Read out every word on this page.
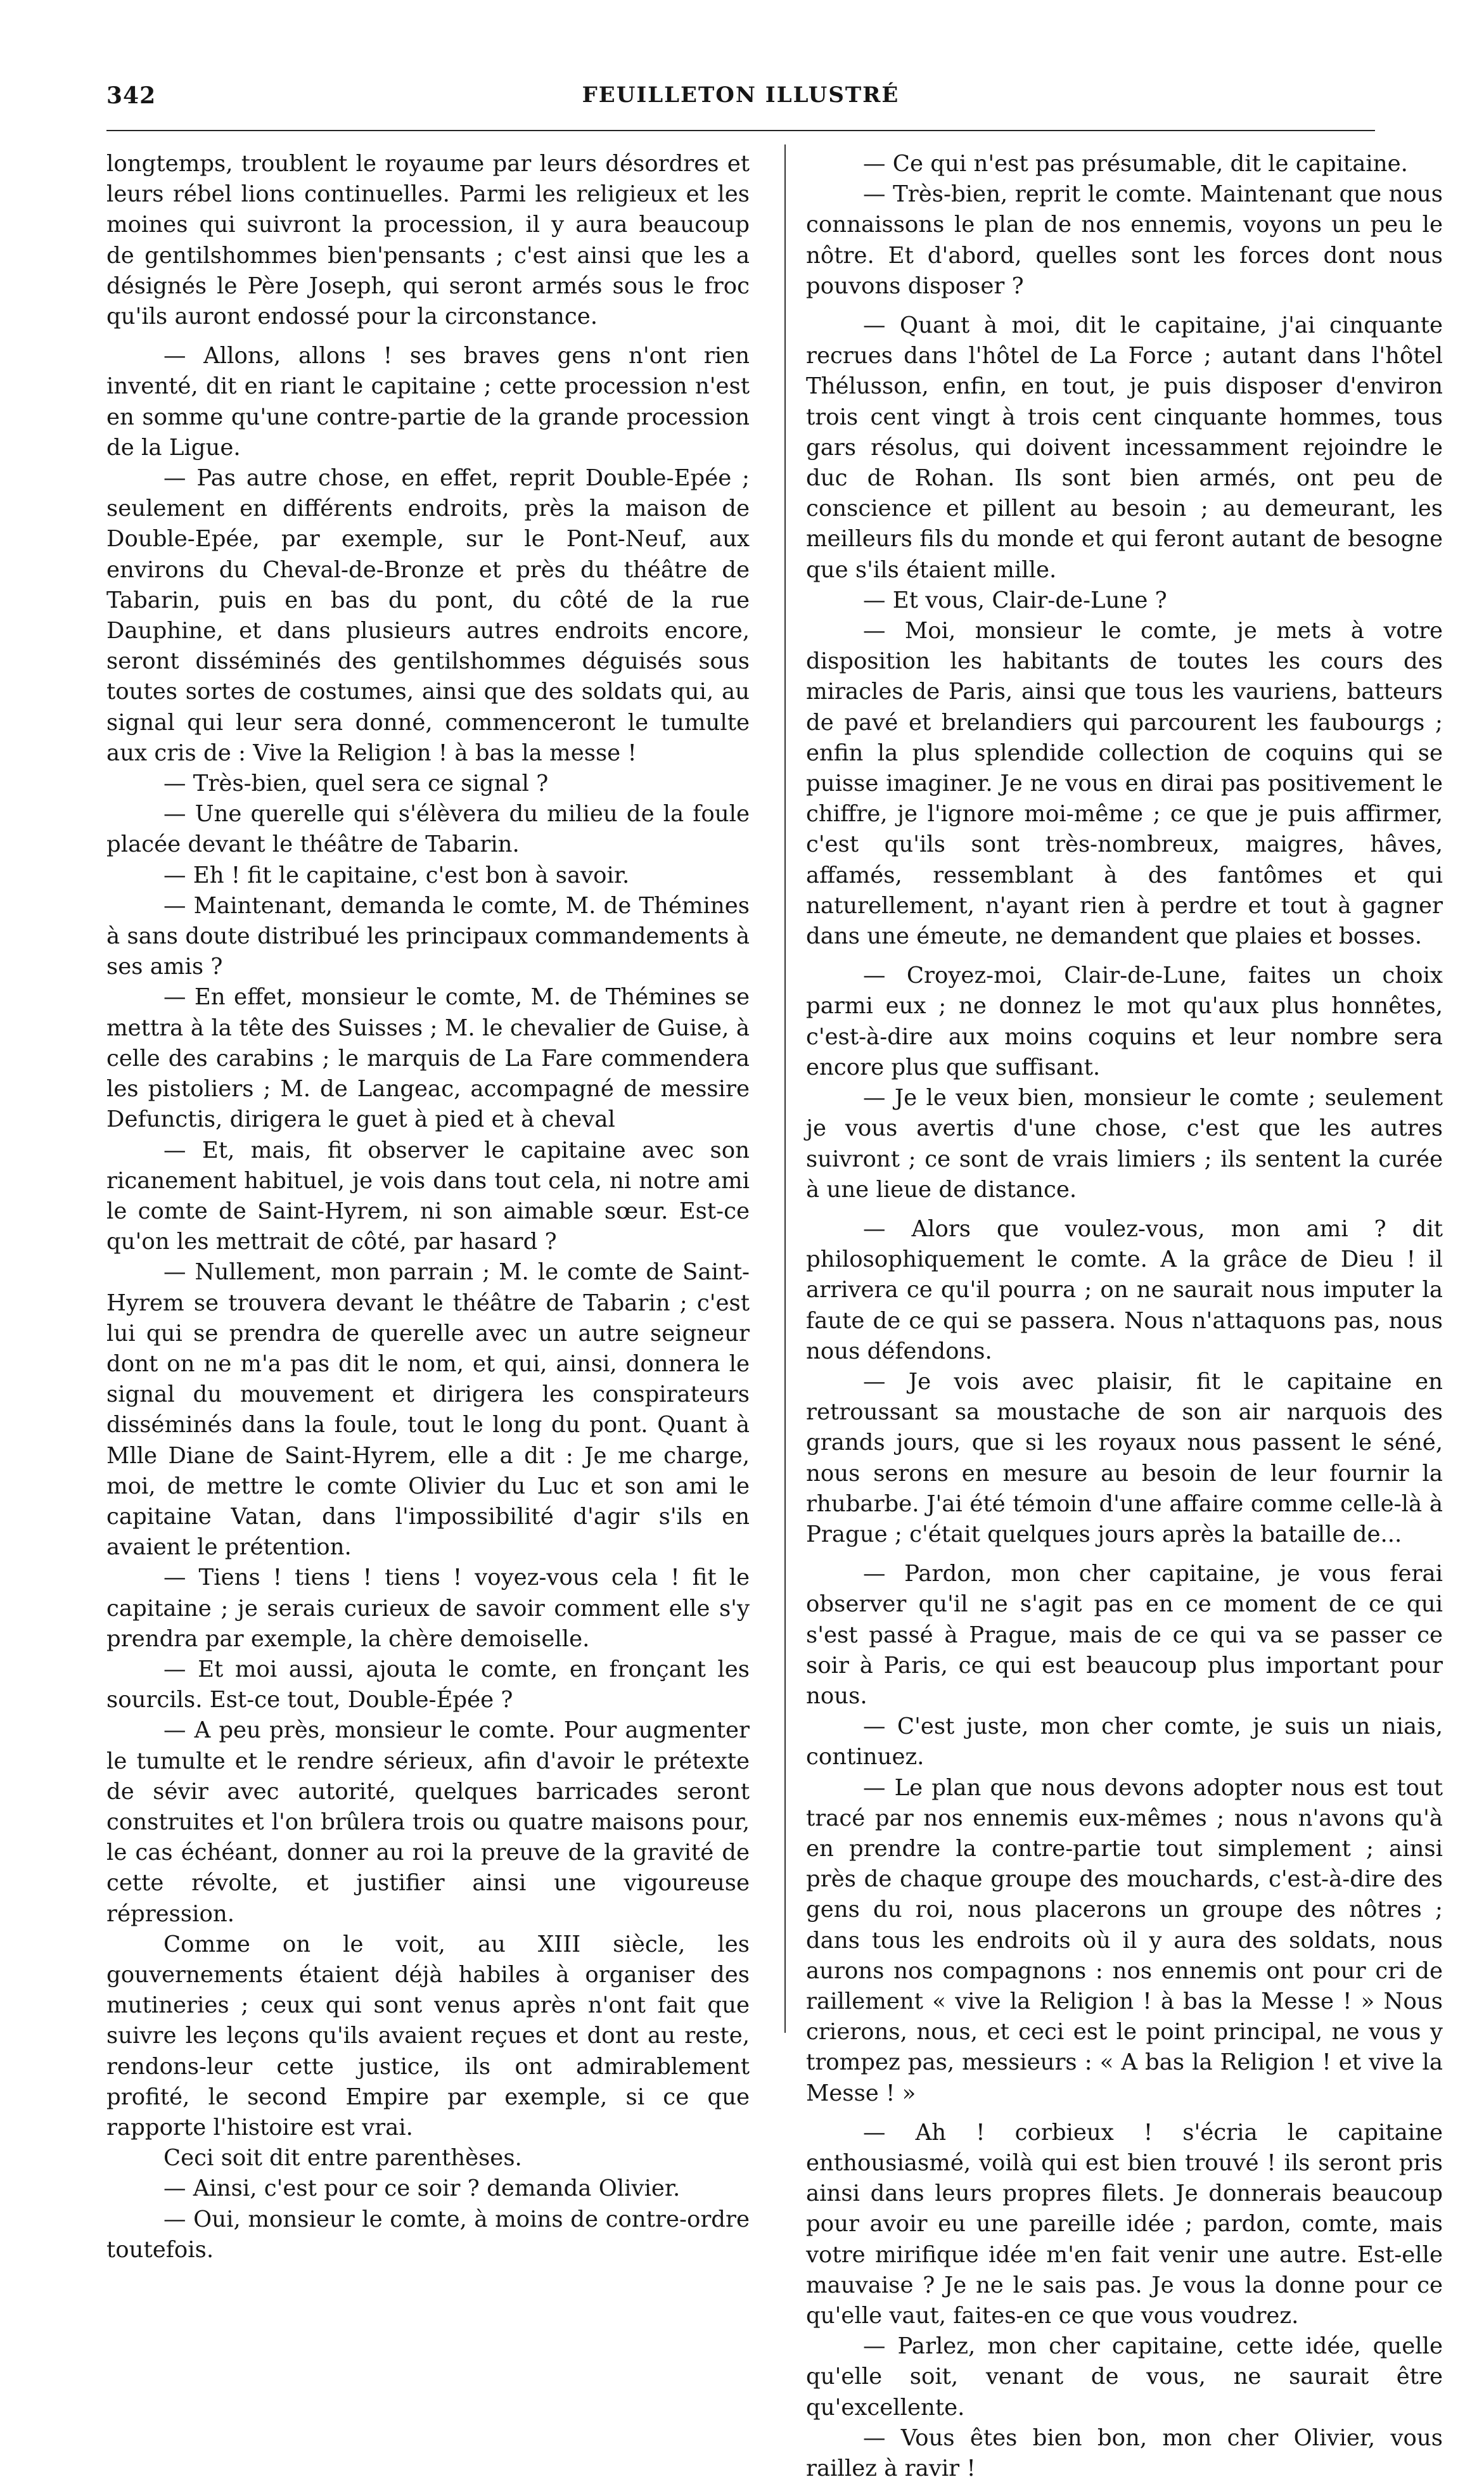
342	FEUILLETON ILLUSTRÉ

longtemps, troublent le royaume par leurs désordres et leurs rébel lions continuelles. Parmi les religieux et les moines qui suivront la procession, il y aura beaucoup de gentilshommes bien'pensants ; c'est ainsi que les a désignés le Père Joseph, qui seront armés sous le froc qu'ils auront endossé pour la circonstance.

— Allons, allons ! ses braves gens n'ont rien inventé, dit en riant le capitaine ; cette procession n'est en somme qu'une contre-partie de la grande procession de la Ligue.

— Pas autre chose, en effet, reprit Double-Epée ; seulement en différents endroits, près la maison de Double-Epée, par exemple, sur le Pont-Neuf, aux environs du Cheval-de-Bronze et près du théâtre de Tabarin, puis en bas du pont, du côté de la rue Dauphine, et dans plusieurs autres endroits encore, seront disséminés des gentilshommes déguisés sous toutes sortes de costumes, ainsi que des soldats qui, au signal qui leur sera donné, commenceront le tumulte aux cris de : Vive la Religion ! à bas la messe !

— Très-bien, quel sera ce signal ?

— Une querelle qui s'élèvera du milieu de la foule placée devant le théâtre de Tabarin.

— Eh ! fit le capitaine, c'est bon à savoir.

— Maintenant, demanda le comte, M. de Thémines à sans doute distribué les principaux commandements à ses amis ?

— En effet, monsieur le comte, M. de Thémines se mettra à la tête des Suisses ; M. le chevalier de Guise, à celle des carabins ; le marquis de La Fare commendera les pistoliers ; M. de Langeac, accompagné de messire Defunctis, dirigera le guet à pied et à cheval

— Et, mais, fit observer le capitaine avec son ricanement habituel, je vois dans tout cela, ni notre ami le comte de Saint-Hyrem, ni son aimable sœur. Est-ce qu'on les mettrait de côté, par hasard ?

— Nullement, mon parrain ; M. le comte de Saint-Hyrem se trouvera devant le théâtre de Tabarin ; c'est lui qui se prendra de querelle avec un autre seigneur dont on ne m'a pas dit le nom, et qui, ainsi, donnera le signal du mouvement et dirigera les conspirateurs disséminés dans la foule, tout le long du pont. Quant à Mlle Diane de Saint-Hyrem, elle a dit : Je me charge, moi, de mettre le comte Olivier du Luc et son ami le capitaine Vatan, dans l'impossibilité d'agir s'ils en avaient le prétention.

— Tiens ! tiens ! tiens ! voyez-vous cela ! fit le capitaine ; je serais curieux de savoir comment elle s'y prendra par exemple, la chère demoiselle.

— Et moi aussi, ajouta le comte, en fronçant les sourcils. Est-ce tout, Double-Épée ?

— A peu près, monsieur le comte. Pour augmenter le tumulte et le rendre sérieux, afin d'avoir le prétexte de sévir avec autorité, quelques barricades seront construites et l'on brûlera trois ou quatre maisons pour, le cas échéant, donner au roi la preuve de la gravité de cette révolte, et justifier ainsi une vigoureuse répression.

Comme on le voit, au XIII siècle, les gouvernements étaient déjà habiles à organiser des mutineries ; ceux qui sont venus après n'ont fait que suivre les leçons qu'ils avaient reçues et dont au reste, rendons-leur cette justice, ils ont admirablement profité, le second Empire par exemple, si ce que rapporte l'histoire est vrai.

Ceci soit dit entre parenthèses.

— Ainsi, c'est pour ce soir ? demanda Olivier.

— Oui, monsieur le comte, à moins de contre-ordre toutefois.

— Ce qui n'est pas présumable, dit le capitaine.

— Très-bien, reprit le comte. Maintenant que nous connaissons le plan de nos ennemis, voyons un peu le nôtre. Et d'abord, quelles sont les forces dont nous pouvons disposer ?

— Quant à moi, dit le capitaine, j'ai cinquante recrues dans l'hôtel de La Force ; autant dans l'hôtel Thélusson, enfin, en tout, je puis disposer d'environ trois cent vingt à trois cent cinquante hommes, tous gars résolus, qui doivent incessamment rejoindre le duc de Rohan. Ils sont bien armés, ont peu de conscience et pillent au besoin ; au demeurant, les meilleurs fils du monde et qui feront autant de besogne que s'ils étaient mille.

— Et vous, Clair-de-Lune ?

— Moi, monsieur le comte, je mets à votre disposition les habitants de toutes les cours des miracles de Paris, ainsi que tous les vauriens, batteurs de pavé et brelandiers qui parcourent les faubourgs ; enfin la plus splendide collection de coquins qui se puisse imaginer. Je ne vous en dirai pas positivement le chiffre, je l'ignore moi-même ; ce que je puis affirmer, c'est qu'ils sont très-nombreux, maigres, hâves, affamés, ressemblant à des fantômes et qui naturellement, n'ayant rien à perdre et tout à gagner dans une émeute, ne demandent que plaies et bosses.

— Croyez-moi, Clair-de-Lune, faites un choix parmi eux ; ne donnez le mot qu'aux plus honnêtes, c'est-à-dire aux moins coquins et leur nombre sera encore plus que suffisant.

— Je le veux bien, monsieur le comte ; seulement je vous avertis d'une chose, c'est que les autres suivront ; ce sont de vrais limiers ; ils sentent la curée à une lieue de distance.

— Alors que voulez-vous, mon ami ? dit philosophiquement le comte. A la grâce de Dieu ! il arrivera ce qu'il pourra ; on ne saurait nous imputer la faute de ce qui se passera. Nous n'attaquons pas, nous nous défendons.

— Je vois avec plaisir, fit le capitaine en retroussant sa moustache de son air narquois des grands jours, que si les royaux nous passent le séné, nous serons en mesure au besoin de leur fournir la rhubarbe. J'ai été témoin d'une affaire comme celle-là à Prague ; c'était quelques jours après la bataille de...

— Pardon, mon cher capitaine, je vous ferai observer qu'il ne s'agit pas en ce moment de ce qui s'est passé à Prague, mais de ce qui va se passer ce soir à Paris, ce qui est beaucoup plus important pour nous.

— C'est juste, mon cher comte, je suis un niais, continuez.

— Le plan que nous devons adopter nous est tout tracé par nos ennemis eux-mêmes ; nous n'avons qu'à en prendre la contre-partie tout simplement ; ainsi près de chaque groupe des mouchards, c'est-à-dire des gens du roi, nous placerons un groupe des nôtres ; dans tous les endroits où il y aura des soldats, nous aurons nos compagnons : nos ennemis ont pour cri de raillement « vive la Religion ! à bas la Messe ! » Nous crierons, nous, et ceci est le point principal, ne vous y trompez pas, messieurs : « A bas la Religion ! et vive la Messe ! »

— Ah ! corbieux ! s'écria le capitaine enthousiasmé, voilà qui est bien trouvé ! ils seront pris ainsi dans leurs propres filets. Je donnerais beaucoup pour avoir eu une pareille idée ; pardon, comte, mais votre mirifique idée m'en fait venir une autre. Est-elle mauvaise ? Je ne le sais pas. Je vous la donne pour ce qu'elle vaut, faites-en ce que vous voudrez.

— Parlez, mon cher capitaine, cette idée, quelle qu'elle soit, venant de vous, ne saurait être qu'excellente.

— Vous êtes bien bon, mon cher Olivier, vous raillez à ravir !
